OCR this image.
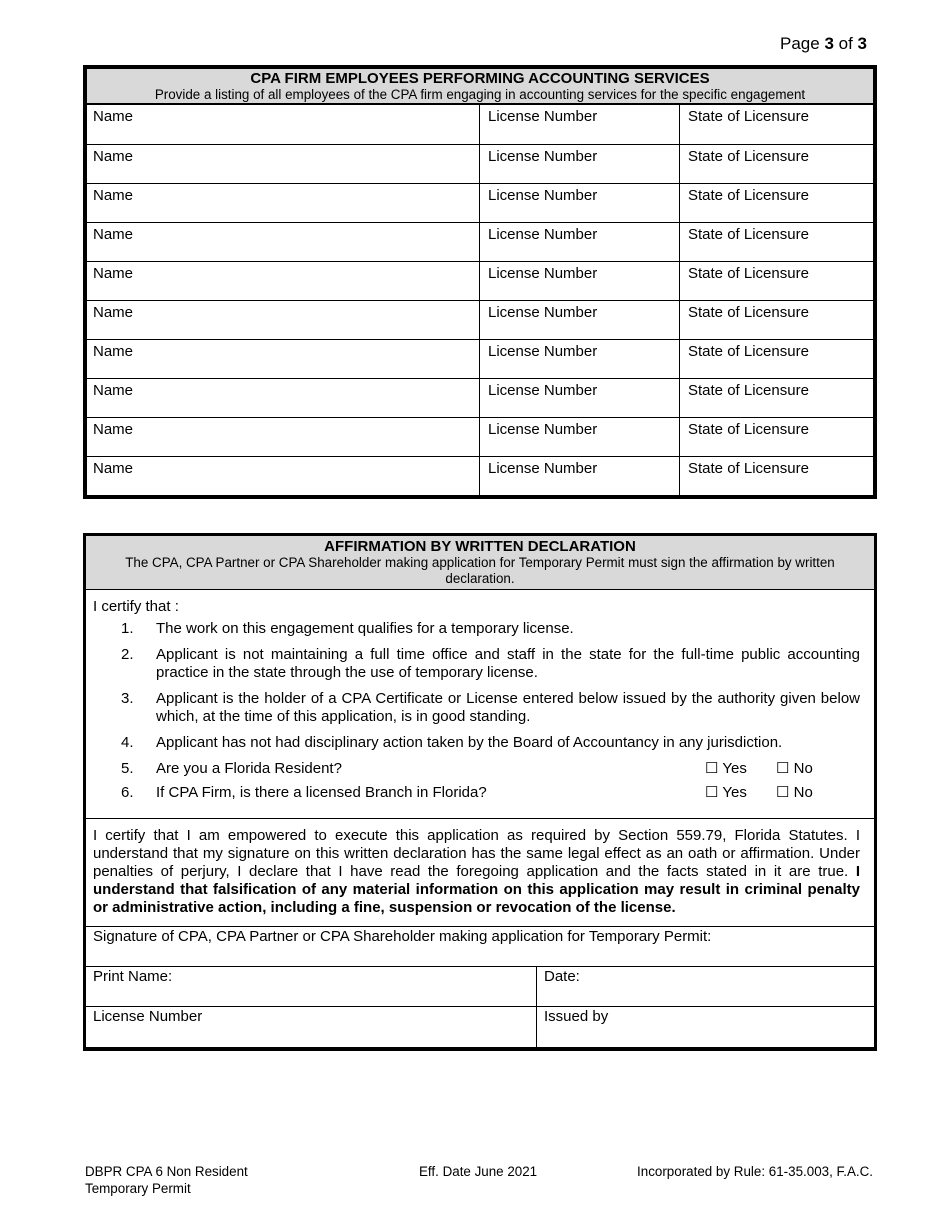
Page 3 of 3
CPA FIRM EMPLOYEES PERFORMING ACCOUNTING SERVICES
Provide a listing of all employees of the CPA firm engaging in accounting services for the specific engagement
Name	License Number	State of Licensure
Name	License Number	State of Licensure
Name	License Number	State of Licensure
Name	License Number	State of Licensure
Name	License Number	State of Licensure
Name	License Number	State of Licensure
Name	License Number	State of Licensure
Name	License Number	State of Licensure
Name	License Number	State of Licensure
Name	License Number	State of Licensure
AFFIRMATION BY WRITTEN DECLARATION
The CPA, CPA Partner or CPA Shareholder making application for Temporary Permit must sign the affirmation by written declaration.
I certify that :
1.	The work on this engagement qualifies for a temporary license.
2.	Applicant is not maintaining a full time office and staff in the state for the full-time public accounting practice in the state through the use of temporary license.
3.	Applicant is the holder of a CPA Certificate or License entered below issued by the authority given below which, at the time of this application, is in good standing.
4.	Applicant has not had disciplinary action taken by the Board of Accountancy in any jurisdiction.
5.	Are you a Florida Resident?	☐ Yes	☐ No
6.	If CPA Firm, is there a licensed Branch in Florida?	☐ Yes	☐ No
I certify that I am empowered to execute this application as required by Section 559.79, Florida Statutes. I understand that my signature on this written declaration has the same legal effect as an oath or affirmation. Under penalties of perjury, I declare that I have read the foregoing application and the facts stated in it are true. I understand that falsification of any material information on this application may result in criminal penalty or administrative action, including a fine, suspension or revocation of the license.
Signature of CPA, CPA Partner or CPA Shareholder making application for Temporary Permit:
Print Name:	Date:
License Number	Issued by
DBPR CPA 6 Non Resident
Temporary Permit
Eff. Date June 2021	Incorporated by Rule: 61-35.003, F.A.C.
